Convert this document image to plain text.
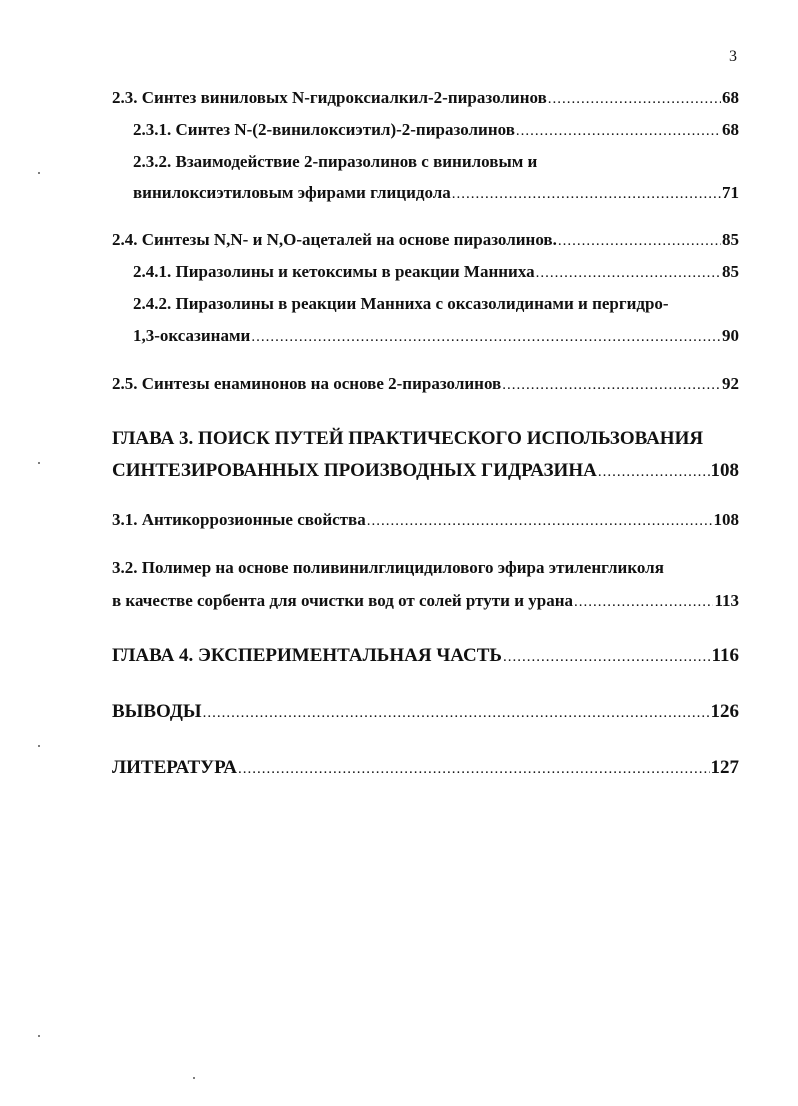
3
2.3. Синтез виниловых N-гидроксиалкил-2-пиразолинов .....	68
2.3.1. Синтез N-(2-винилоксиэтил)-2-пиразолинов .....	68
2.3.2. Взаимодействие 2-пиразолинов с виниловым и
винилоксиэтиловым эфирами глицидола .....	71
2.4. Синтезы N,N- и N,O-ацеталей на основе пиразолинов. .....	85
2.4.1. Пиразолины и кетоксимы в реакции Манниха .....	85
2.4.2. Пиразолины в реакции Манниха с оксазолидинами и пергидро-
1,3-оксазинами .....	90
2.5. Синтезы енаминонов на основе 2-пиразолинов .....	92
ГЛАВА 3. ПОИСК ПУТЕЙ ПРАКТИЧЕСКОГО ИСПОЛЬЗОВАНИЯ
СИНТЕЗИРОВАННЫХ ПРОИЗВОДНЫХ ГИДРАЗИНА .....	108
3.1. Антикоррозионные свойства .....	108
3.2. Полимер на основе поливинилглицидилового эфира этиленгликоля
в качестве сорбента для очистки вод от солей ртути и урана .....	113
ГЛАВА 4. ЭКСПЕРИМЕНТАЛЬНАЯ ЧАСТЬ .....	116
ВЫВОДЫ .....	126
ЛИТЕРАТУРА .....	127
